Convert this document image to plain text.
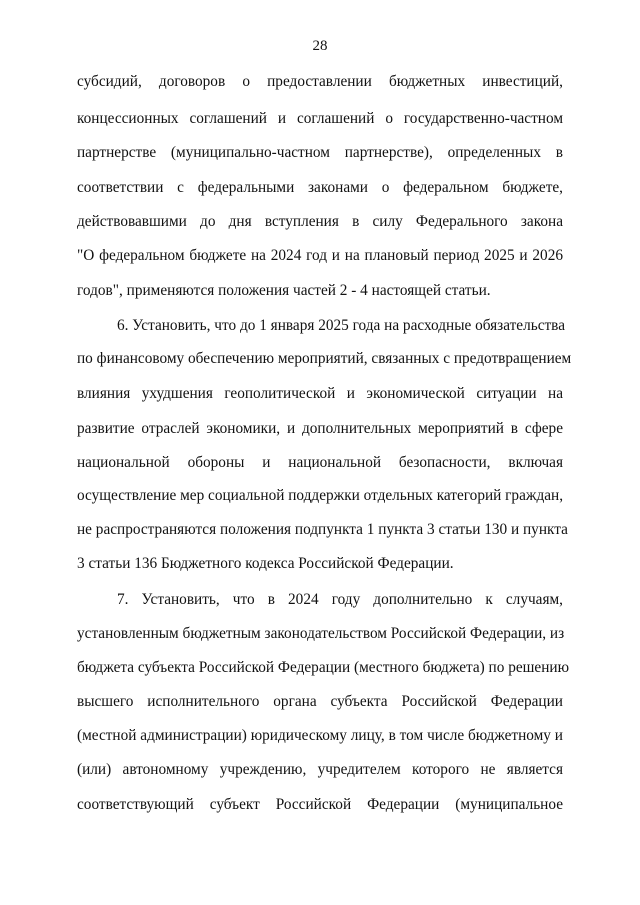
28
субсидий, договоров о предоставлении бюджетных инвестиций,
концессионных соглашений и соглашений о государственно-частном
партнерстве (муниципально-частном партнерстве), определенных в
соответствии с федеральными законами о федеральном бюджете,
действовавшими до дня вступления в силу Федерального закона
"О федеральном бюджете на 2024 год и на плановый период 2025 и 2026
годов", применяются положения частей 2 - 4 настоящей статьи.
6. Установить, что до 1 января 2025 года на расходные обязательства
по финансовому обеспечению мероприятий, связанных с предотвращением
влияния ухудшения геополитической и экономической ситуации на
развитие отраслей экономики, и дополнительных мероприятий в сфере
национальной обороны и национальной безопасности, включая
осуществление мер социальной поддержки отдельных категорий граждан,
не распространяются положения подпункта 1 пункта 3 статьи 130 и пункта
3 статьи 136 Бюджетного кодекса Российской Федерации.
7. Установить, что в 2024 году дополнительно к случаям,
установленным бюджетным законодательством Российской Федерации, из
бюджета субъекта Российской Федерации (местного бюджета) по решению
высшего исполнительного органа субъекта Российской Федерации
(местной администрации) юридическому лицу, в том числе бюджетному и
(или) автономному учреждению, учредителем которого не является
соответствующий субъект Российской Федерации (муниципальное
